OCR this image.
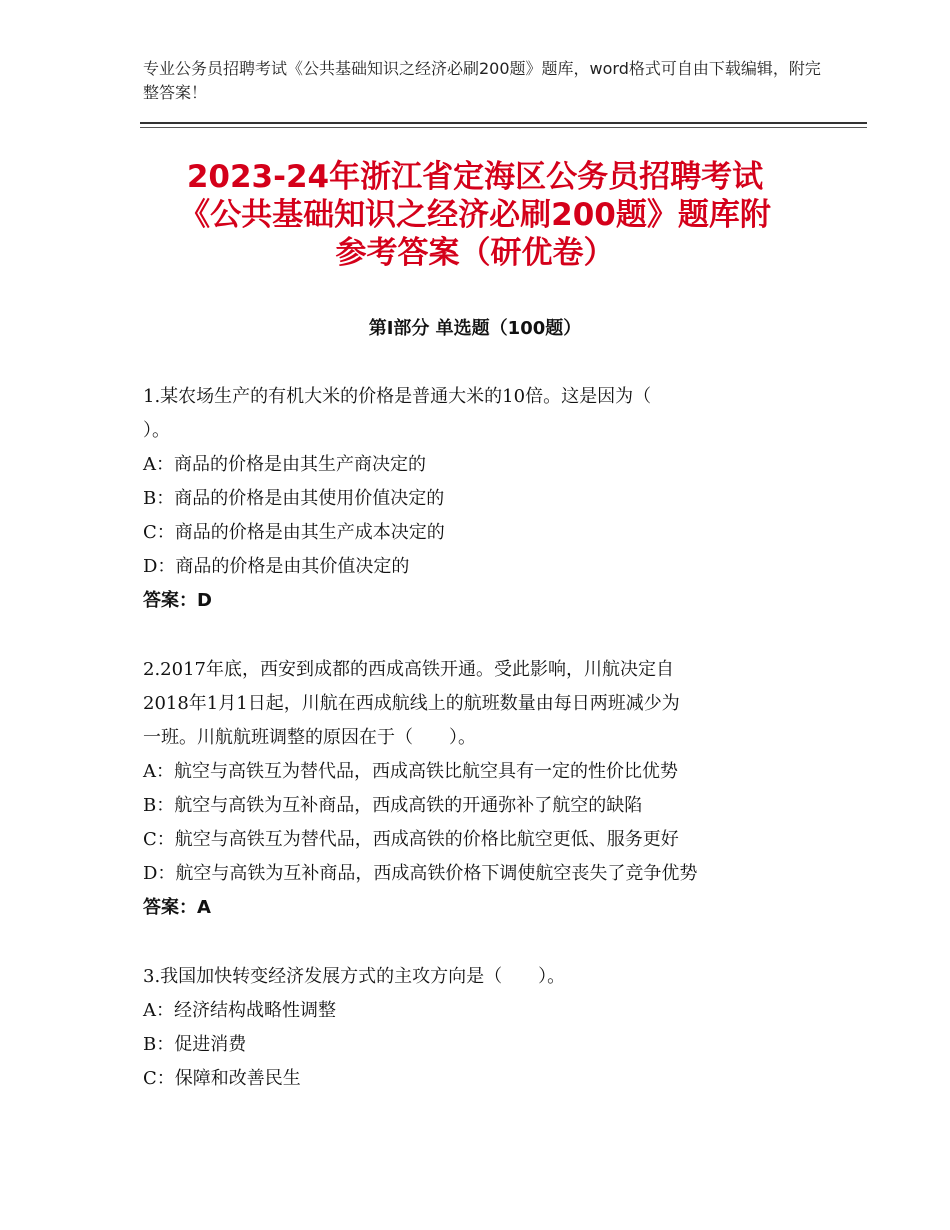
专业公务员招聘考试《公共基础知识之经济必刷200题》题库，word格式可自由下载编辑，附完整答案！
2023-24年浙江省定海区公务员招聘考试
《公共基础知识之经济必刷200题》题库附
参考答案（研优卷）
第Ⅰ部分 单选题（100题）
1.某农场生产的有机大米的价格是普通大米的10倍。这是因为（
）。
A：商品的价格是由其生产商决定的
B：商品的价格是由其使用价值决定的
C：商品的价格是由其生产成本决定的
D：商品的价格是由其价值决定的
答案：D
2.2017年底，西安到成都的西成高铁开通。受此影响，川航决定自
2018年1月1日起，川航在西成航线上的航班数量由每日两班减少为
一班。川航航班调整的原因在于（　　）。
A：航空与高铁互为替代品，西成高铁比航空具有一定的性价比优势
B：航空与高铁为互补商品，西成高铁的开通弥补了航空的缺陷
C：航空与高铁互为替代品，西成高铁的价格比航空更低、服务更好
D：航空与高铁为互补商品，西成高铁价格下调使航空丧失了竞争优势
答案：A
3.我国加快转变经济发展方式的主攻方向是（　　）。
A：经济结构战略性调整
B：促进消费
C：保障和改善民生
